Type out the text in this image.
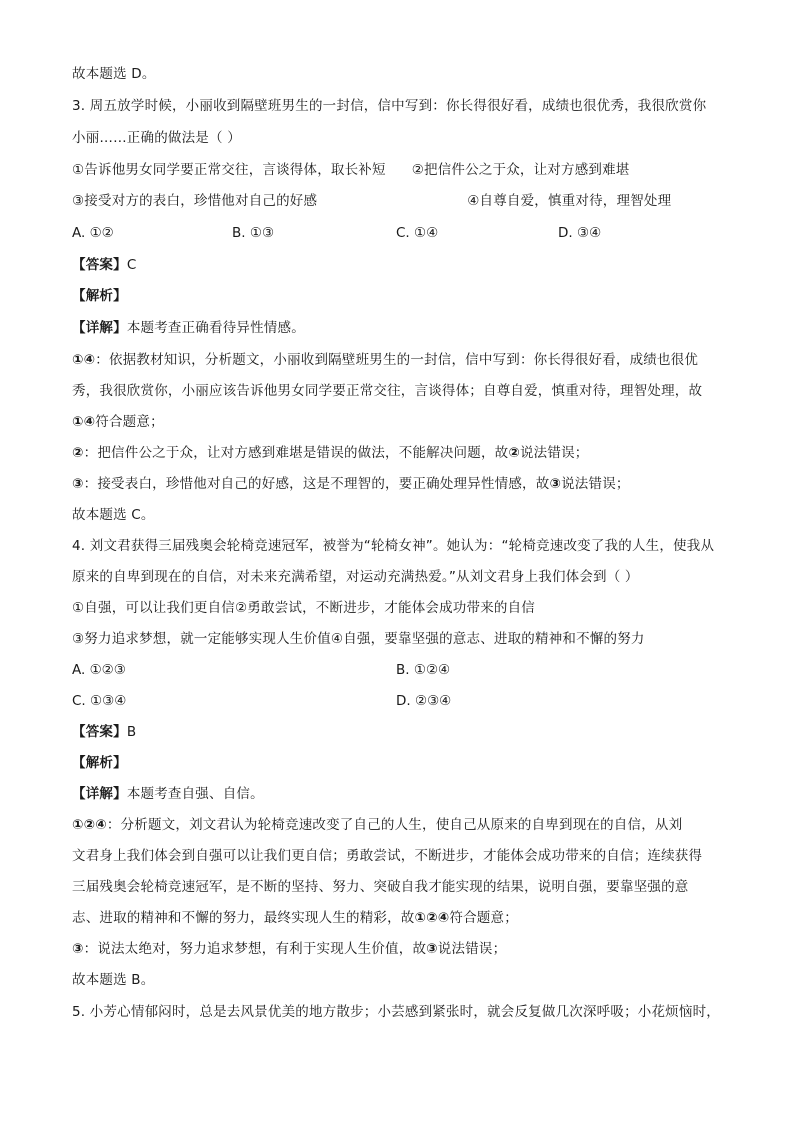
故本题选 D。
3. 周五放学时候，小丽收到隔壁班男生的一封信，信中写到：你长得很好看，成绩也很优秀，我很欣赏你
小丽……正确的做法是（ ）
①告诉他男女同学要正常交往，言谈得体，取长补短 ②把信件公之于众，让对方感到难堪
③接受对方的表白，珍惜他对自己的好感	④自尊自爱，慎重对待，理智处理
A. ①②	B. ①③	C. ①④	D. ③④
【答案】C
【解析】
【详解】本题考查正确看待异性情感。
①④：依据教材知识，分析题文，小丽收到隔壁班男生的一封信，信中写到：你长得很好看，成绩也很优
秀，我很欣赏你，小丽应该告诉他男女同学要正常交往，言谈得体；自尊自爱，慎重对待，理智处理，故
①④符合题意；
②：把信件公之于众，让对方感到难堪是错误的做法，不能解决问题，故②说法错误；
③：接受表白，珍惜他对自己的好感，这是不理智的，要正确处理异性情感，故③说法错误；
故本题选 C。
4. 刘文君获得三届残奥会轮椅竞速冠军，被誉为“轮椅女神”。她认为：“轮椅竞速改变了我的人生，使我从
原来的自卑到现在的自信，对未来充满希望，对运动充满热爱。”从刘文君身上我们体会到（ ）
①自强，可以让我们更自信②勇敢尝试，不断进步，才能体会成功带来的自信
③努力追求梦想，就一定能够实现人生价值④自强，要靠坚强的意志、进取的精神和不懈的努力
A. ①②③	B. ①②④
C. ①③④	D. ②③④
【答案】B
【解析】
【详解】本题考查自强、自信。
①②④：分析题文，刘文君认为轮椅竞速改变了自己的人生，使自己从原来的自卑到现在的自信，从刘
文君身上我们体会到自强可以让我们更自信；勇敢尝试，不断进步，才能体会成功带来的自信；连续获得
三届残奥会轮椅竞速冠军，是不断的坚持、努力、突破自我才能实现的结果，说明自强，要靠坚强的意
志、进取的精神和不懈的努力，最终实现人生的精彩，故①②④符合题意；
③：说法太绝对，努力追求梦想，有利于实现人生价值，故③说法错误；
故本题选 B。
5. 小芳心情郁闷时，总是去风景优美的地方散步；小芸感到紧张时，就会反复做几次深呼吸；小花烦恼时，
